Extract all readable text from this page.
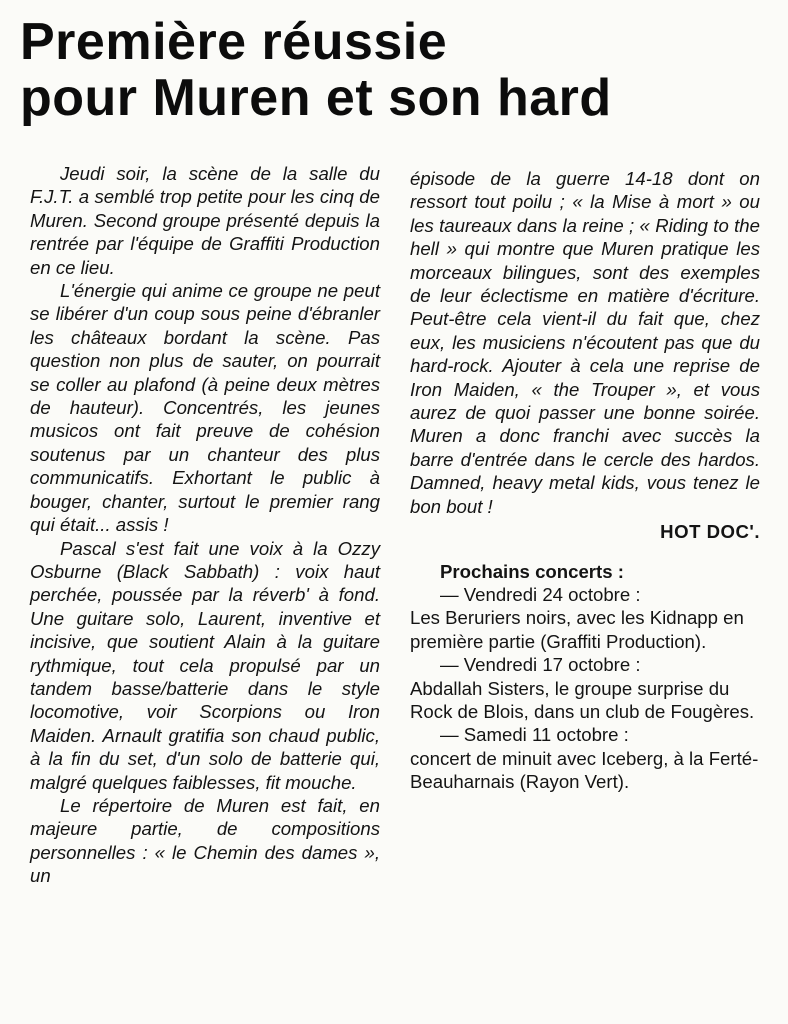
Première réussie
pour Muren et son hard

Jeudi soir, la scène de la salle du F.J.T. a semblé trop petite pour les cinq de Muren. Second groupe présenté depuis la rentrée par l'équipe de Graffiti Production en ce lieu.

L'énergie qui anime ce groupe ne peut se libérer d'un coup sous peine d'ébranler les châteaux bordant la scène. Pas question non plus de sauter, on pourrait se coller au plafond (à peine deux mètres de hauteur). Concentrés, les jeunes musicos ont fait preuve de cohésion soutenus par un chanteur des plus communicatifs. Exhortant le public à bouger, chanter, surtout le premier rang qui était... assis !

Pascal s'est fait une voix à la Ozzy Osburne (Black Sabbath) : voix haut perchée, poussée par la réverb' à fond. Une guitare solo, Laurent, inventive et incisive, que soutient Alain à la guitare rythmique, tout cela propulsé par un tandem basse/batterie dans le style locomotive, voir Scorpions ou Iron Maiden. Arnault gratifia son chaud public, à la fin du set, d'un solo de batterie qui, malgré quelques faiblesses, fit mouche.

Le répertoire de Muren est fait, en majeure partie, de compositions personnelles : « le Chemin des dames », un

épisode de la guerre 14-18 dont on ressort tout poilu ; « la Mise à mort » ou les taureaux dans la reine ; « Riding to the hell » qui montre que Muren pratique les morceaux bilingues, sont des exemples de leur éclectisme en matière d'écriture. Peut-être cela vient-il du fait que, chez eux, les musiciens n'écoutent pas que du hard-rock. Ajouter à cela une reprise de Iron Maiden, « the Trouper », et vous aurez de quoi passer une bonne soirée. Muren a donc franchi avec succès la barre d'entrée dans le cercle des hardos. Damned, heavy metal kids, vous tenez le bon bout !

HOT DOC'.
Prochains concerts :
— Vendredi 24 octobre :
Les Beruriers noirs, avec les Kidnapp en première partie (Graffiti Production).
— Vendredi 17 octobre :
Abdallah Sisters, le groupe surprise du Rock de Blois, dans un club de Fougères.
— Samedi 11 octobre :
concert de minuit avec Iceberg, à la Ferté-Beauharnais (Rayon Vert).
